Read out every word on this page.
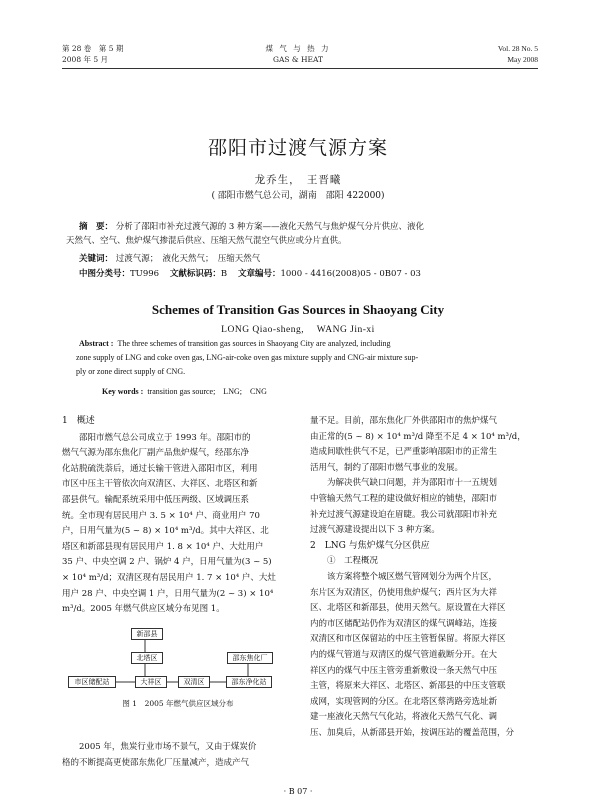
第 28 卷　第 5 期
2008 年 5 月
煤 气 与 热 力
GAS & HEAT
Vol. 28 No. 5
May 2008
邵阳市过渡气源方案
龙乔生，　王晋曦
( 邵阳市燃气总公司，湖南　邵阳 422000)
摘　要： 分析了邵阳市补充过渡气源的 3 种方案——液化天然气与焦炉煤气分片供应、液化
天然气、空气、焦炉煤气掺混后供应、压缩天然气混空气供应或分片直供。
关键词： 过渡气源；　液化天然气；　压缩天然气
中图分类号：TU996 文献标识码：B 文章编号：1000 - 4416(2008)05 - 0B07 - 03
Schemes of Transition Gas Sources in Shaoyang City
LONG Qiao-sheng,　 WANG Jin-xi
Abstract : The three schemes of transition gas sources in Shaoyang City are analyzed, including
zone supply of LNG and coke oven gas, LNG-air-coke oven gas mixture supply and CNG-air mixture sup-
ply or zone direct supply of CNG.
Key words : transition gas source;　LNG;　CNG
1　概述

邵阳市燃气总公司成立于 1993 年。邵阳市的

燃气气源为邵东焦化厂副产品焦炉煤气，经邵东净

化站脱硫洗萘后，通过长输干管进入邵阳市区，利用

市区中压主干管依次向双清区、大祥区、北塔区和新

邵县供气。输配系统采用中低压两级、区域调压系

统。全市现有居民用户 3. 5 × 10⁴ 户、商业用户 70

户，日用气量为(5 ~ 8) × 10⁴ m³/d。其中大祥区、北

塔区和新邵县现有居民用户 1. 8 × 10⁴ 户、大灶用户

35 户、中央空调 2 户、锅炉 4 户，日用气量为(3 ~ 5)

× 10⁴ m³/d；双清区现有居民用户 1. 7 × 10⁴ 户、大灶

用户 28 户、中央空调 1 户，日用气量为(2 ~ 3) × 10⁴

m³/d。2005 年燃气供应区域分布见图 1。

新邵县
北塔区	邵东焦化厂
市区储配站	大祥区	双清区	邵东净化站
图 1　2005 年燃气供应区域分布

2005 年，焦炭行业市场不景气，又由于煤炭价

格的不断提高更使邵东焦化厂压量减产，造成产气

量不足。目前，邵东焦化厂外供邵阳市的焦炉煤气

由正常的(5 ~ 8) × 10⁴ m³/d 降至不足 4 × 10⁴ m³/d，

造成间歇性供气不足，已严重影响邵阳市的正常生

活用气，制约了邵阳市燃气事业的发展。

为解决供气缺口问题，并为邵阳市十一五规划

中管输天然气工程的建设做好相应的铺垫，邵阳市

补充过渡气源建设迫在眉睫。我公司就邵阳市补充

过渡气源建设提出以下 3 种方案。

2　LNG 与焦炉煤气分区供应
①　工程概况

该方案将整个城区燃气管网划分为两个片区，

东片区为双清区，仍使用焦炉煤气；西片区为大祥

区、北塔区和新邵县，使用天然气。原设置在大祥区

内的市区储配站仍作为双清区的煤气调峰站，连接

双清区和市区保留站的中压主管暂保留。将原大祥区

内的煤气管道与双清区的煤气管道截断分开。在大

祥区内的煤气中压主管旁重新敷设一条天然气中压

主管，将原来大祥区、北塔区、新邵县的中压支管联

成网，实现管网的分区。在北塔区蔡湾路旁选址新

建一座液化天然气气化站，将液化天然气气化、调

压、加臭后，从新邵县开始，按调压站的覆盖范围，分

· B 07 ·
